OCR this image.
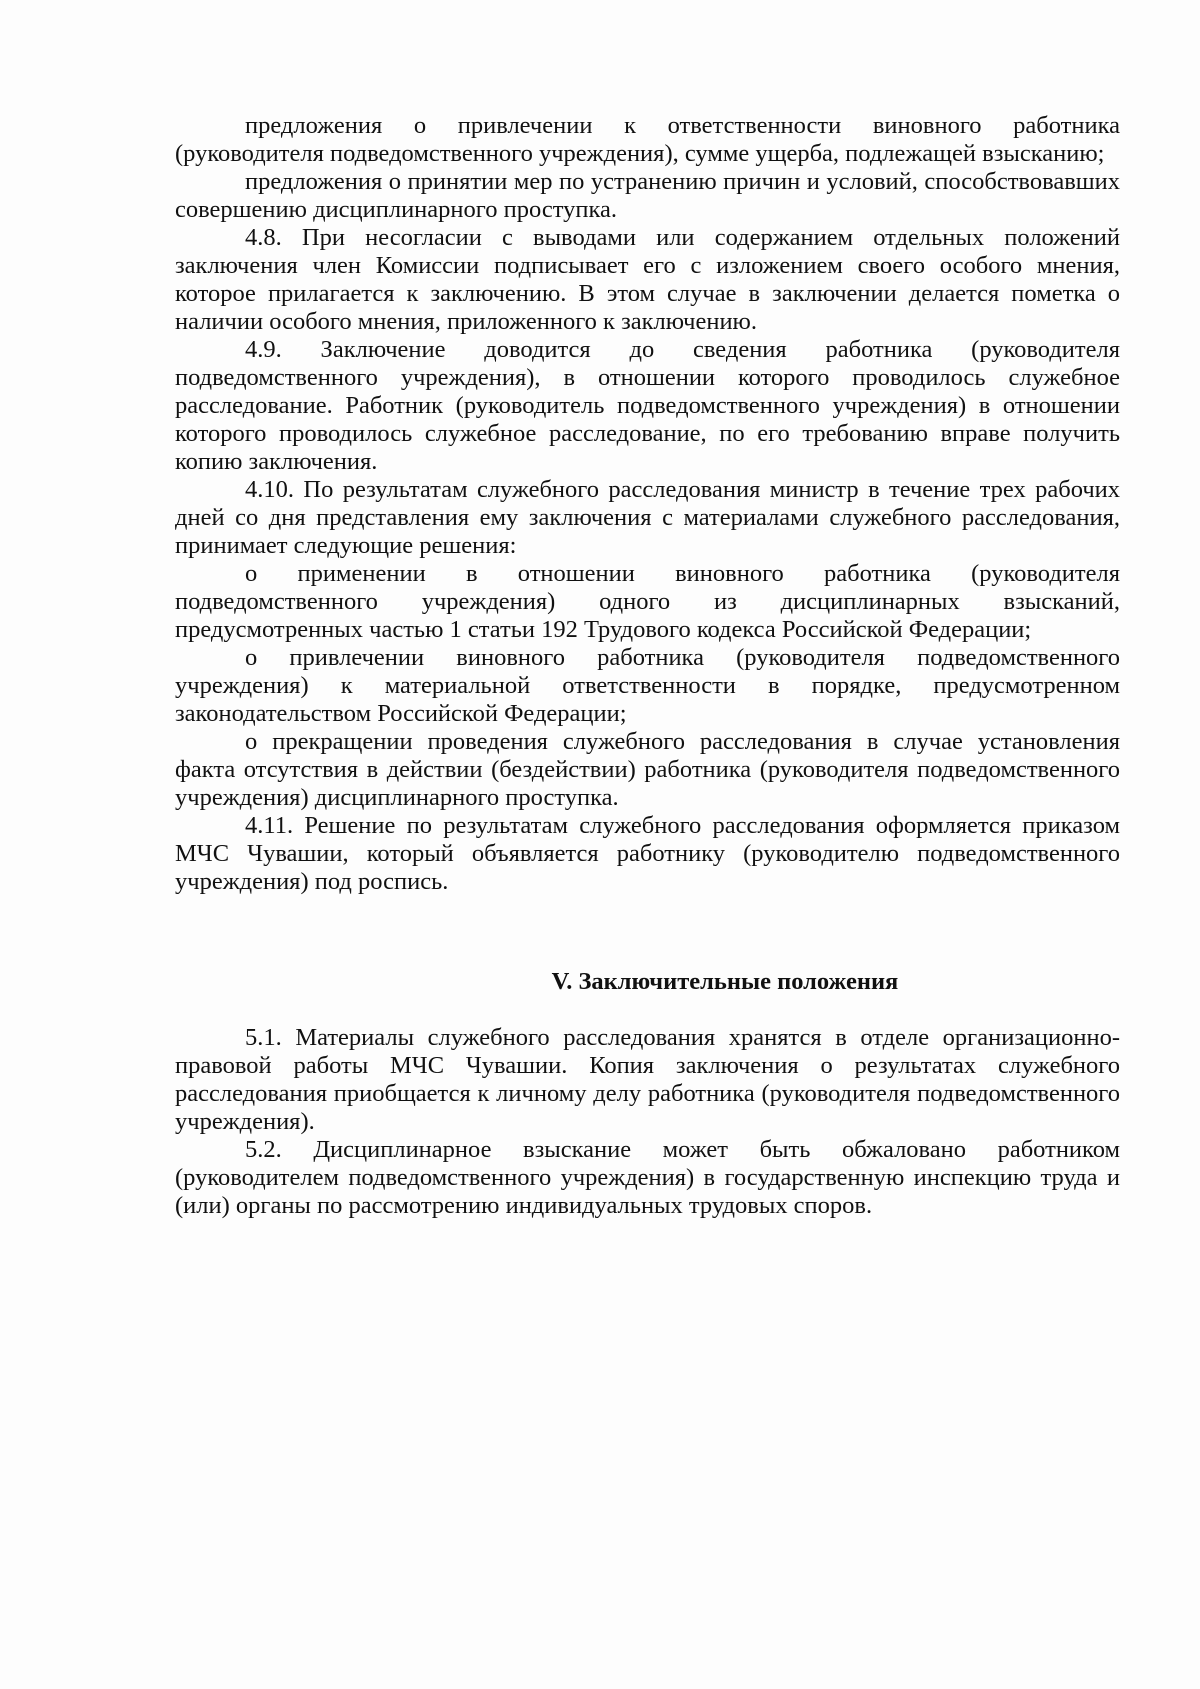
предложения о привлечении к ответственности виновного работника (руководителя подведомственного учреждения), сумме ущерба, подлежащей взысканию;

предложения о принятии мер по устранению причин и условий, способствовавших совершению дисциплинарного проступка.

4.8. При несогласии с выводами или содержанием отдельных положений заключения член Комиссии подписывает его с изложением своего особого мнения, которое прилагается к заключению. В этом случае в заключении делается пометка о наличии особого мнения, приложенного к заключению.

4.9. Заключение доводится до сведения работника (руководителя подведомственного учреждения), в отношении которого проводилось служебное расследование. Работник (руководитель подведомственного учреждения) в отношении которого проводилось служебное расследование, по его требованию вправе получить копию заключения.

4.10. По результатам служебного расследования министр в течение трех рабочих дней со дня представления ему заключения с материалами служебного расследования, принимает следующие решения:

о применении в отношении виновного работника (руководителя подведомственного учреждения) одного из дисциплинарных взысканий, предусмотренных частью 1 статьи 192 Трудового кодекса Российской Федерации;

о привлечении виновного работника (руководителя подведомственного учреждения) к материальной ответственности в порядке, предусмотренном законодательством Российской Федерации;

о прекращении проведения служебного расследования в случае установления факта отсутствия в действии (бездействии) работника (руководителя подведомственного учреждения) дисциплинарного проступка.

4.11. Решение по результатам служебного расследования оформляется приказом МЧС Чувашии, который объявляется работнику (руководителю подведомственного учреждения) под роспись.

V. Заключительные положения

5.1. Материалы служебного расследования хранятся в отделе организационно-правовой работы МЧС Чувашии. Копия заключения о результатах служебного расследования приобщается к личному делу работника (руководителя подведомственного учреждения).

5.2. Дисциплинарное взыскание может быть обжаловано работником (руководителем подведомственного учреждения) в государственную инспекцию труда и (или) органы по рассмотрению индивидуальных трудовых споров.
